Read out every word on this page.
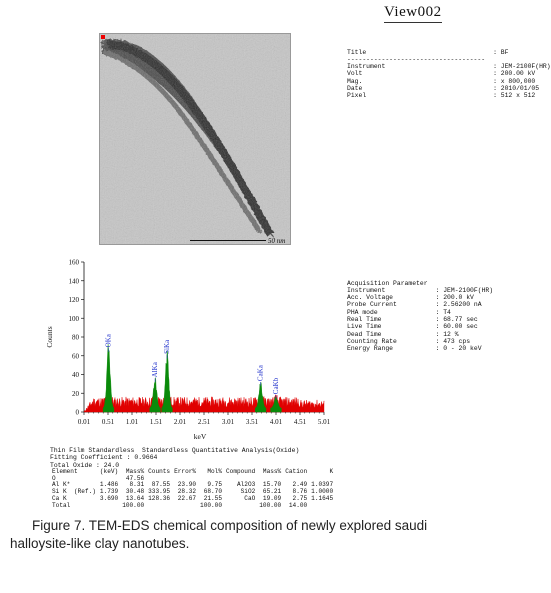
View002
50 nm

Title	: BF
------------------------------------	
Instrument	: JEM-2100F(HR)
Volt	: 200.00 kV
Mag.	: x 800,000
Date	: 2010/01/05
Pixel	: 512 x 512

OKa
AlKa
SiKa
CaKa
CaKb
0
20
40
60
80
100
120
140
160
0.01 0.51 1.01 1.51 2.01 2.51 3.01 3.51 4.01 4.51 5.01
keV
Counts

Acquisition Parameter	
Instrument	: JEM-2100F(HR)
Acc. Voltage	: 200.0 kV
Probe Current	: 2.56200 nA
PHA mode	: T4
Real Time	: 68.77 sec
Live Time	: 60.00 sec
Dead Time	: 12 %
Counting Rate	: 473 cps
Energy Range	: 0 - 20 keV

Thin Film Standardless  Standardless Quantitative Analysis(Oxide)
Fitting Coefficient : 0.9664
Total Oxide : 24.0
Element	(keV)	Mass%	Counts	Error%	Mol%	Compound	Mass%	Cation	K
O		47.56							
Al K*	1.486	8.31	87.55	23.90	9.75	Al2O3	15.70	2.49	1.0397
Si K  (Ref.)	1.739	30.48	333.95	28.32	68.70	SiO2	65.21	8.76	1.0000
Ca K	3.690	13.64	128.36	22.67	21.55	CaO	19.09	2.75	1.1645
Total		100.00			100.00		100.00	14.00	
Figure 7. TEM-EDS chemical composition of newly explored saudi
halloysite-like clay nanotubes.
